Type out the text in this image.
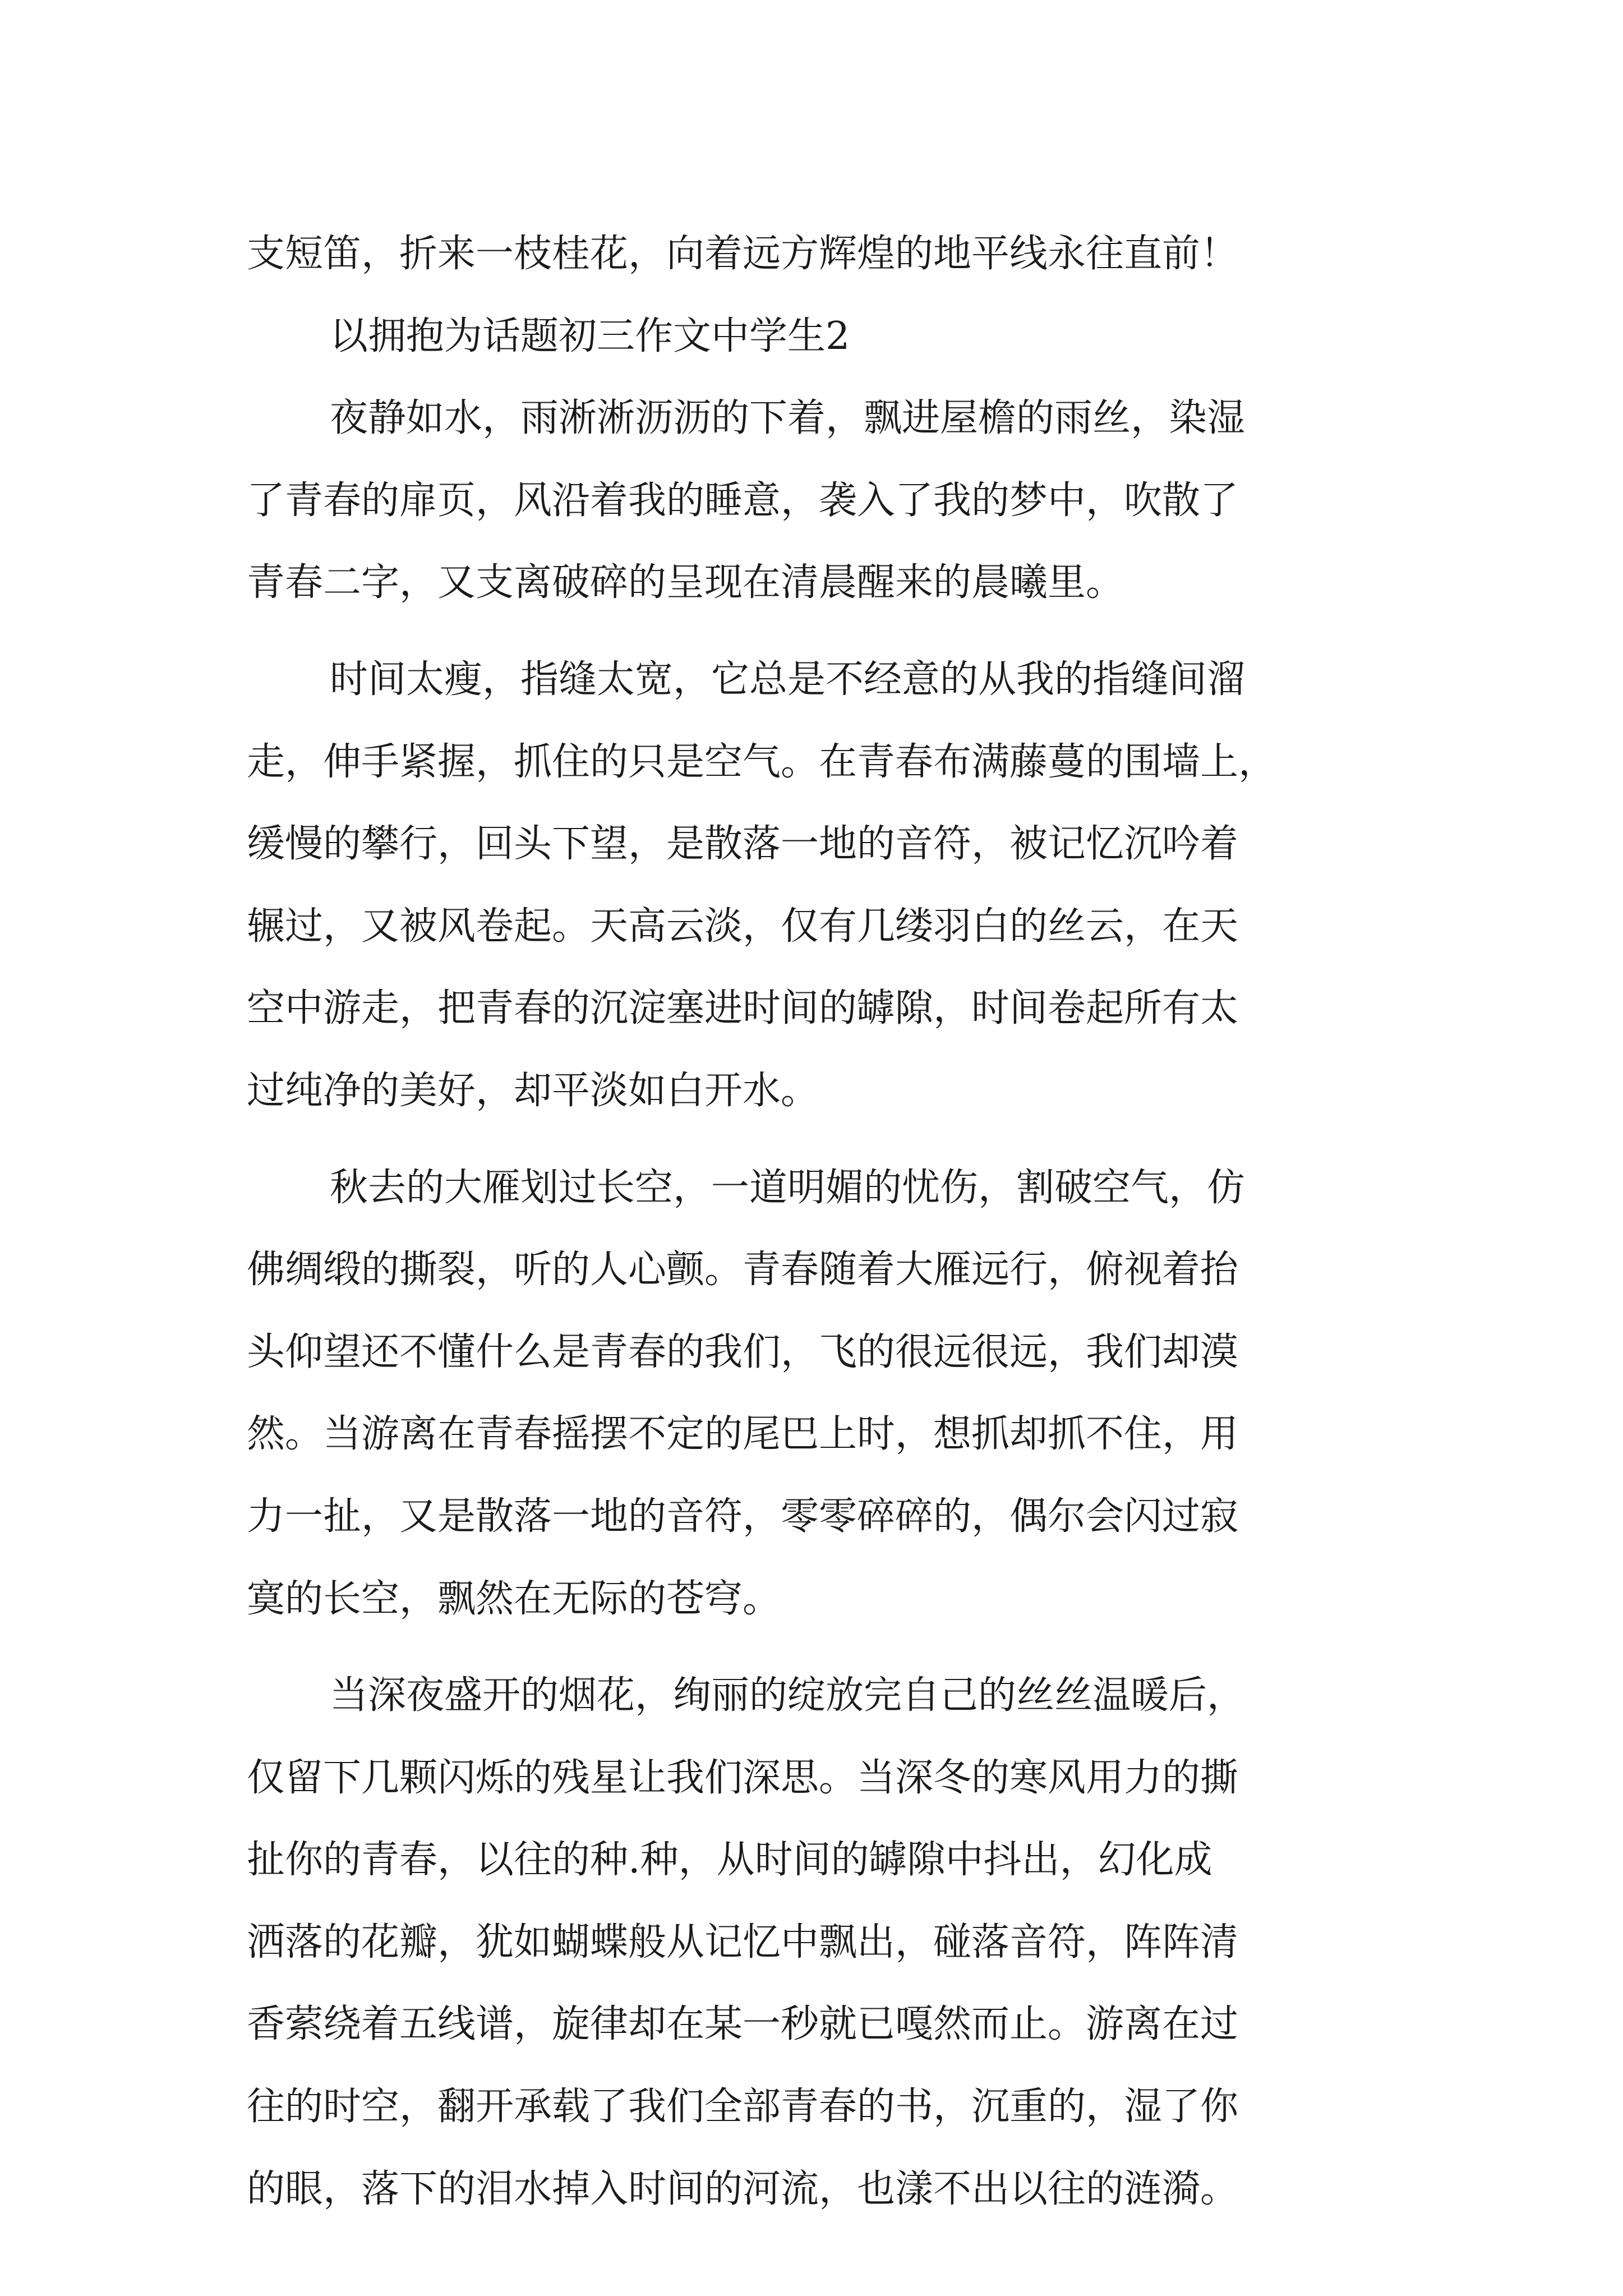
支短笛，折来一枝桂花，向着远方辉煌的地平线永往直前！

以拥抱为话题初三作文中学生2

夜静如水，雨淅淅沥沥的下着，飘进屋檐的雨丝，染湿

了青春的扉页，风沿着我的睡意，袭入了我的梦中，吹散了

青春二字，又支离破碎的呈现在清晨醒来的晨曦里。

时间太瘦，指缝太宽，它总是不经意的从我的指缝间溜

走，伸手紧握，抓住的只是空气。在青春布满藤蔓的围墙上，

缓慢的攀行，回头下望，是散落一地的音符，被记忆沉吟着

辗过，又被风卷起。天高云淡，仅有几缕羽白的丝云，在天

空中游走，把青春的沉淀塞进时间的罅隙，时间卷起所有太

过纯净的美好，却平淡如白开水。

秋去的大雁划过长空，一道明媚的忧伤，割破空气，仿

佛绸缎的撕裂，听的人心颤。青春随着大雁远行，俯视着抬

头仰望还不懂什么是青春的我们，飞的很远很远，我们却漠

然。当游离在青春摇摆不定的尾巴上时，想抓却抓不住，用

力一扯，又是散落一地的音符，零零碎碎的，偶尔会闪过寂

寞的长空，飘然在无际的苍穹。

当深夜盛开的烟花，绚丽的绽放完自己的丝丝温暖后，

仅留下几颗闪烁的残星让我们深思。当深冬的寒风用力的撕

扯你的青春，以往的种.种，从时间的罅隙中抖出，幻化成

洒落的花瓣，犹如蝴蝶般从记忆中飘出，碰落音符，阵阵清

香萦绕着五线谱，旋律却在某一秒就已嘎然而止。游离在过

往的时空，翻开承载了我们全部青春的书，沉重的，湿了你

的眼，落下的泪水掉入时间的河流，也漾不出以往的涟漪。
